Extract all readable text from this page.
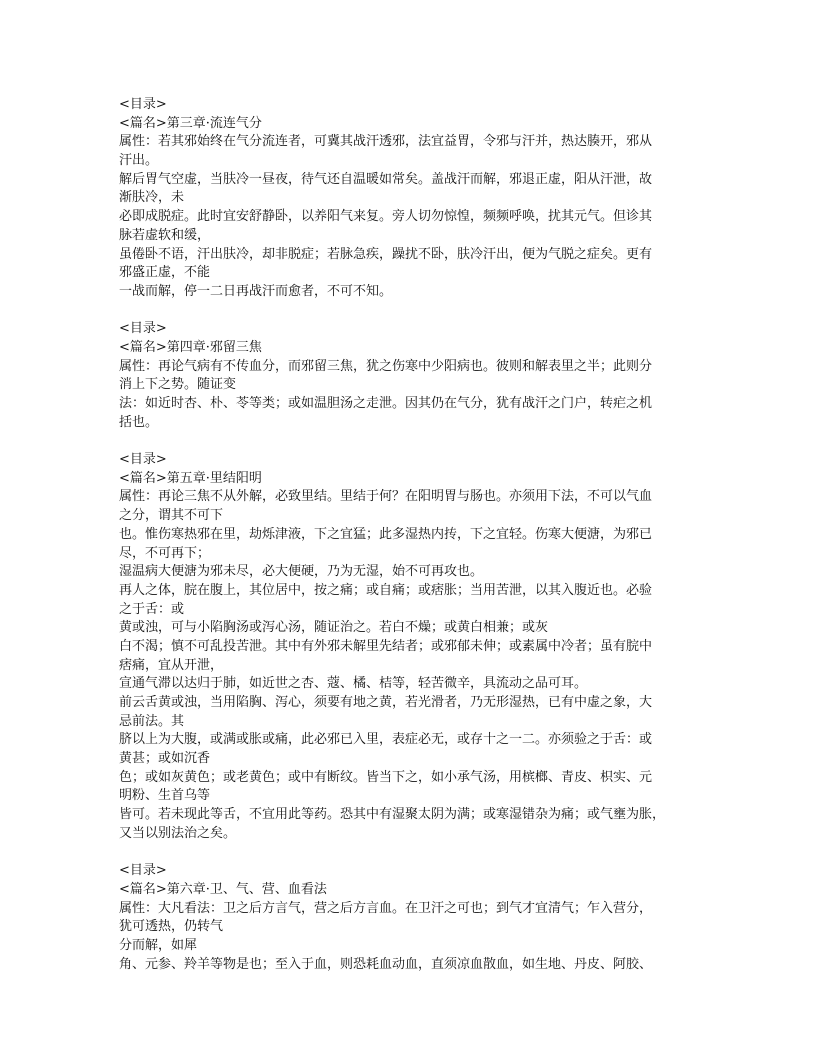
<目录>
<篇名>第三章·流连气分
属性：若其邪始终在气分流连者，可冀其战汗透邪，法宜益胃，令邪与汗并，热达腠开，邪从
汗出。
解后胃气空虚，当肤冷一昼夜，待气还自温暖如常矣。盖战汗而解，邪退正虚，阳从汗泄，故
渐肤冷，未
必即成脱症。此时宜安舒静卧，以养阳气来复。旁人切勿惊惶，频频呼唤，扰其元气。但诊其
脉若虚软和缓，
虽倦卧不语，汗出肤冷，却非脱症；若脉急疾，躁扰不卧，肤冷汗出，便为气脱之症矣。更有
邪盛正虚，不能
一战而解，停一二日再战汗而愈者，不可不知。
<目录>
<篇名>第四章·邪留三焦
属性：再论气病有不传血分，而邪留三焦，犹之伤寒中少阳病也。彼则和解表里之半；此则分
消上下之势。随证变
法：如近时杏、朴、苓等类；或如温胆汤之走泄。因其仍在气分，犹有战汗之门户，转疟之机
括也。
<目录>
<篇名>第五章·里结阳明
属性：再论三焦不从外解，必致里结。里结于何？在阳明胃与肠也。亦须用下法，不可以气血
之分，谓其不可下
也。惟伤寒热邪在里，劫烁津液，下之宜猛；此多湿热内抟，下之宜轻。伤寒大便溏，为邪已
尽，不可再下；
湿温病大便溏为邪未尽，必大便硬，乃为无湿，始不可再攻也。
再人之体，脘在腹上，其位居中，按之痛；或自痛；或痞胀；当用苦泄，以其入腹近也。必验
之于舌：或
黄或浊，可与小陷胸汤或泻心汤，随证治之。若白不燥；或黄白相兼；或灰
白不渴；慎不可乱投苦泄。其中有外邪未解里先结者；或邪郁未伸；或素属中冷者；虽有脘中
痞痛，宜从开泄，
宣通气滞以达归于肺，如近世之杏、蔻、橘、桔等，轻苦微辛，具流动之品可耳。
前云舌黄或浊，当用陷胸、泻心，须要有地之黄，若光滑者，乃无形湿热，已有中虚之象，大
忌前法。其
脐以上为大腹，或满或胀或痛，此必邪已入里，表症必无，或存十之一二。亦须验之于舌：或
黄甚；或如沉香
色；或如灰黄色；或老黄色；或中有断纹。皆当下之，如小承气汤，用槟榔、青皮、枳实、元
明粉、生首乌等
皆可。若未现此等舌，不宜用此等药。恐其中有湿聚太阴为满；或寒湿错杂为痛；或气壅为胀，
又当以别法治之矣。
<目录>
<篇名>第六章·卫、气、营、血看法
属性：大凡看法：卫之后方言气，营之后方言血。在卫汗之可也；到气才宜清气；乍入营分，
犹可透热，仍转气
分而解，如犀
角、元参、羚羊等物是也；至入于血，则恐耗血动血，直须凉血散血，如生地、丹皮、阿胶、
